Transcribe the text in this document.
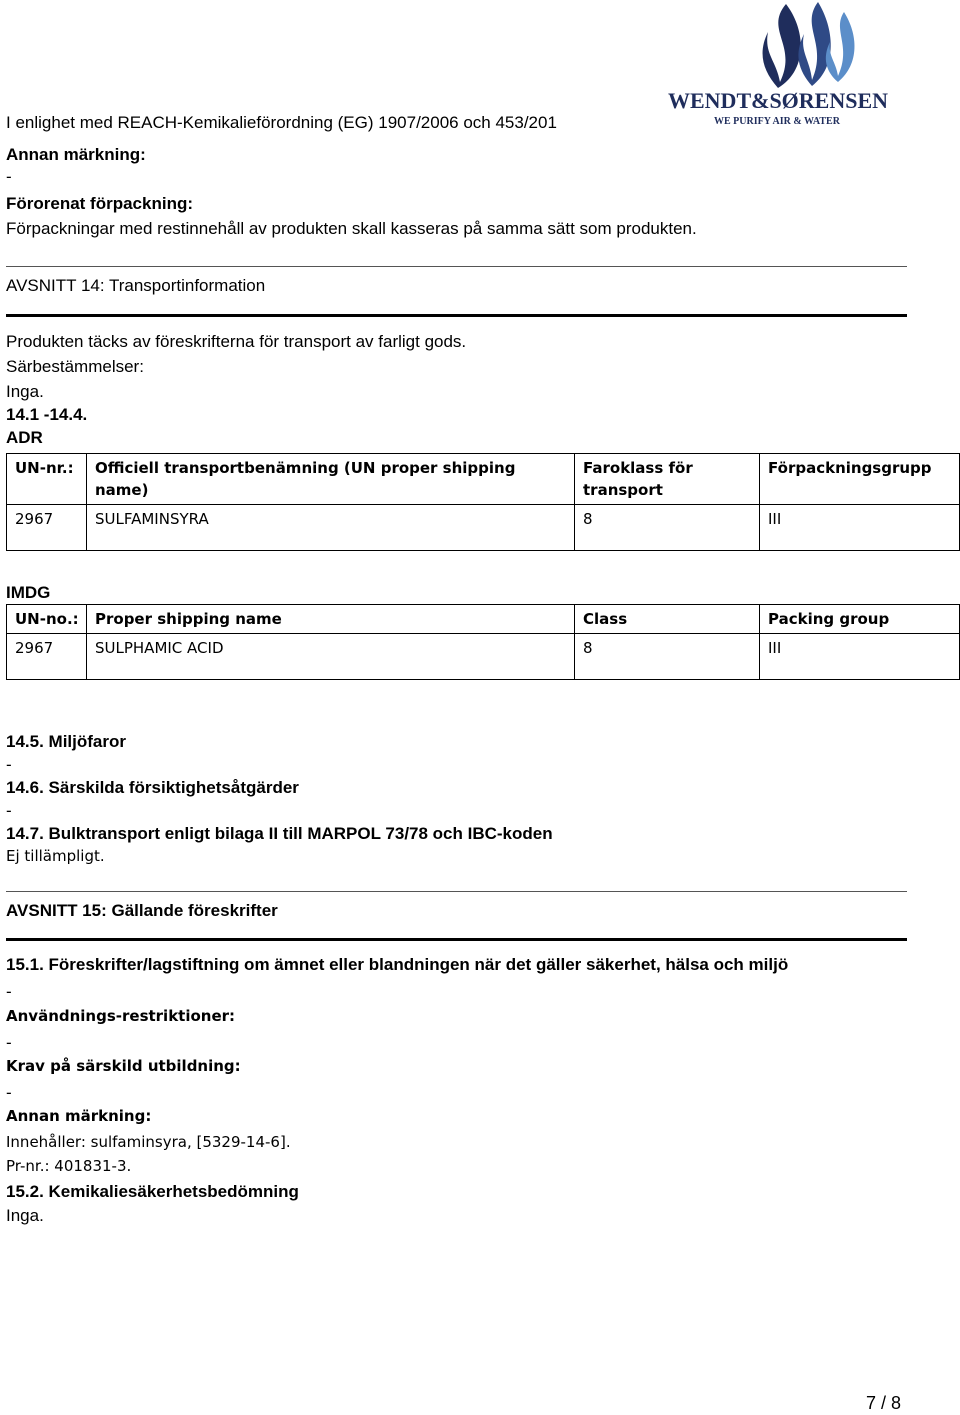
WENDT&SØRENSEN
WE PURIFY AIR & WATER
I enlighet med REACH-Kemikalieförordning (EG) 1907/2006 och 453/201
Annan märkning:
-
Förorenat förpackning:
Förpackningar med restinnehåll av produkten skall kasseras på samma sätt som produkten.
AVSNITT 14: Transportinformation
Produkten täcks av föreskrifterna för transport av farligt gods.
Särbestämmelser:
Inga.
14.1 -14.4.
ADR
UN-nr.:	Officiell transportbenämning (UN proper shipping name)	Faroklass för transport	Förpackningsgrupp
2967	SULFAMINSYRA	8	III
IMDG
UN-no.:	Proper shipping name	Class	Packing group
2967	SULPHAMIC ACID	8	III
14.5. Miljöfaror
-
14.6. Särskilda försiktighetsåtgärder
-
14.7. Bulktransport enligt bilaga II till MARPOL 73/78 och IBC-koden
Ej tillämpligt.
AVSNITT 15: Gällande föreskrifter
15.1. Föreskrifter/lagstiftning om ämnet eller blandningen när det gäller säkerhet, hälsa och miljö
-
Användnings-restriktioner:
-
Krav på särskild utbildning:
-
Annan märkning:
Innehåller: sulfaminsyra, [5329-14-6].
Pr-nr.: 401831-3.
15.2. Kemikaliesäkerhetsbedömning
Inga.
7 / 8
